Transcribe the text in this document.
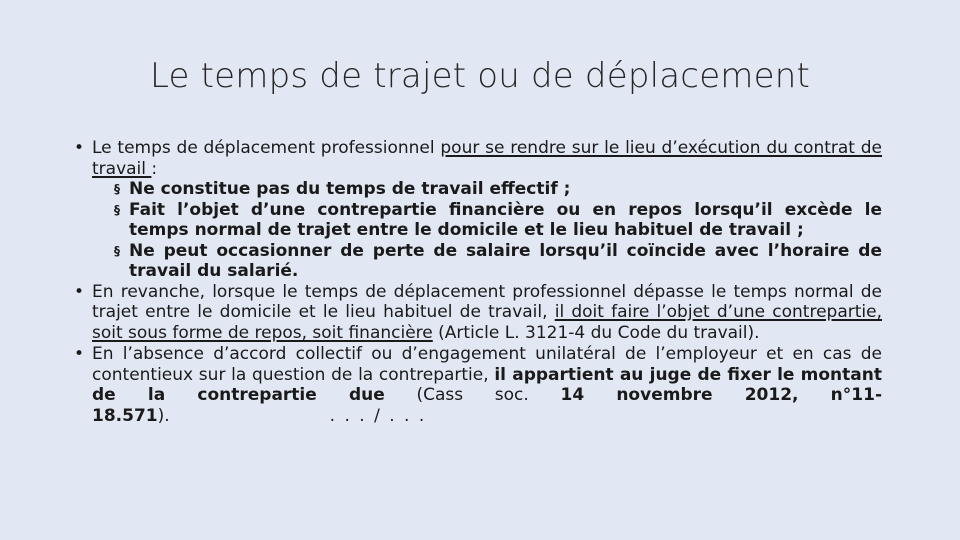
Le temps de trajet ou de déplacement

• Le temps de déplacement professionnel pour se rendre sur le lieu d’exécution du contrat de travail :

§ Ne constitue pas du temps de travail effectif ;

§ Fait l’objet d’une contrepartie financière ou en repos lorsqu’il excède le temps normal de trajet entre le domicile et le lieu habituel de travail ;

§ Ne peut occasionner de perte de salaire lorsqu’il coïncide avec l’horaire de travail du salarié.

• En revanche, lorsque le temps de déplacement professionnel dépasse le temps normal de trajet entre le domicile et le lieu habituel de travail, il doit faire l’objet d’une contrepartie, soit sous forme de repos, soit financière (Article L. 3121-4 du Code du travail).

• En l’absence d’accord collectif ou d’engagement unilatéral de l’employeur et en cas de contentieux sur la question de la contrepartie, il appartient au juge de fixer le montant de la contrepartie due (Cass soc. 14 novembre 2012, n°11-18.571).	. . . / . . .
